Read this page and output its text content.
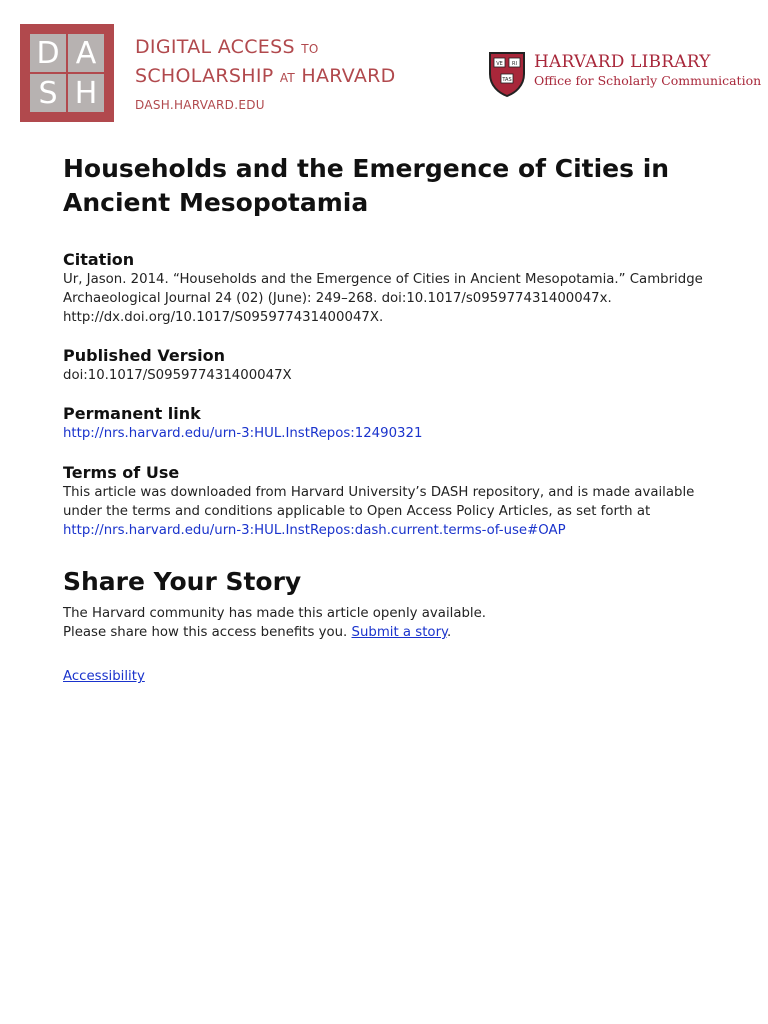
D A
S H
DIGITAL ACCESS TO
SCHOLARSHIP AT HARVARD
DASH.HARVARD.EDU
VE RI
TAS
HARVARD LIBRARY
Office for Scholarly Communication
Households and the Emergence of Cities in Ancient Mesopotamia
Citation
Ur, Jason. 2014. “Households and the Emergence of Cities in Ancient Mesopotamia.” Cambridge Archaeological Journal 24 (02) (June): 249–268. doi:10.1017/s095977431400047x. http://dx.doi.org/10.1017/S095977431400047X.
Published Version
doi:10.1017/S095977431400047X
Permanent link
http://nrs.harvard.edu/urn-3:HUL.InstRepos:12490321
Terms of Use
This article was downloaded from Harvard University’s DASH repository, and is made available under the terms and conditions applicable to Open Access Policy Articles, as set forth at http://nrs.harvard.edu/urn-3:HUL.InstRepos:dash.current.terms-of-use#OAP
Share Your Story
The Harvard community has made this article openly available.
Please share how this access benefits you. Submit a story.
Accessibility
